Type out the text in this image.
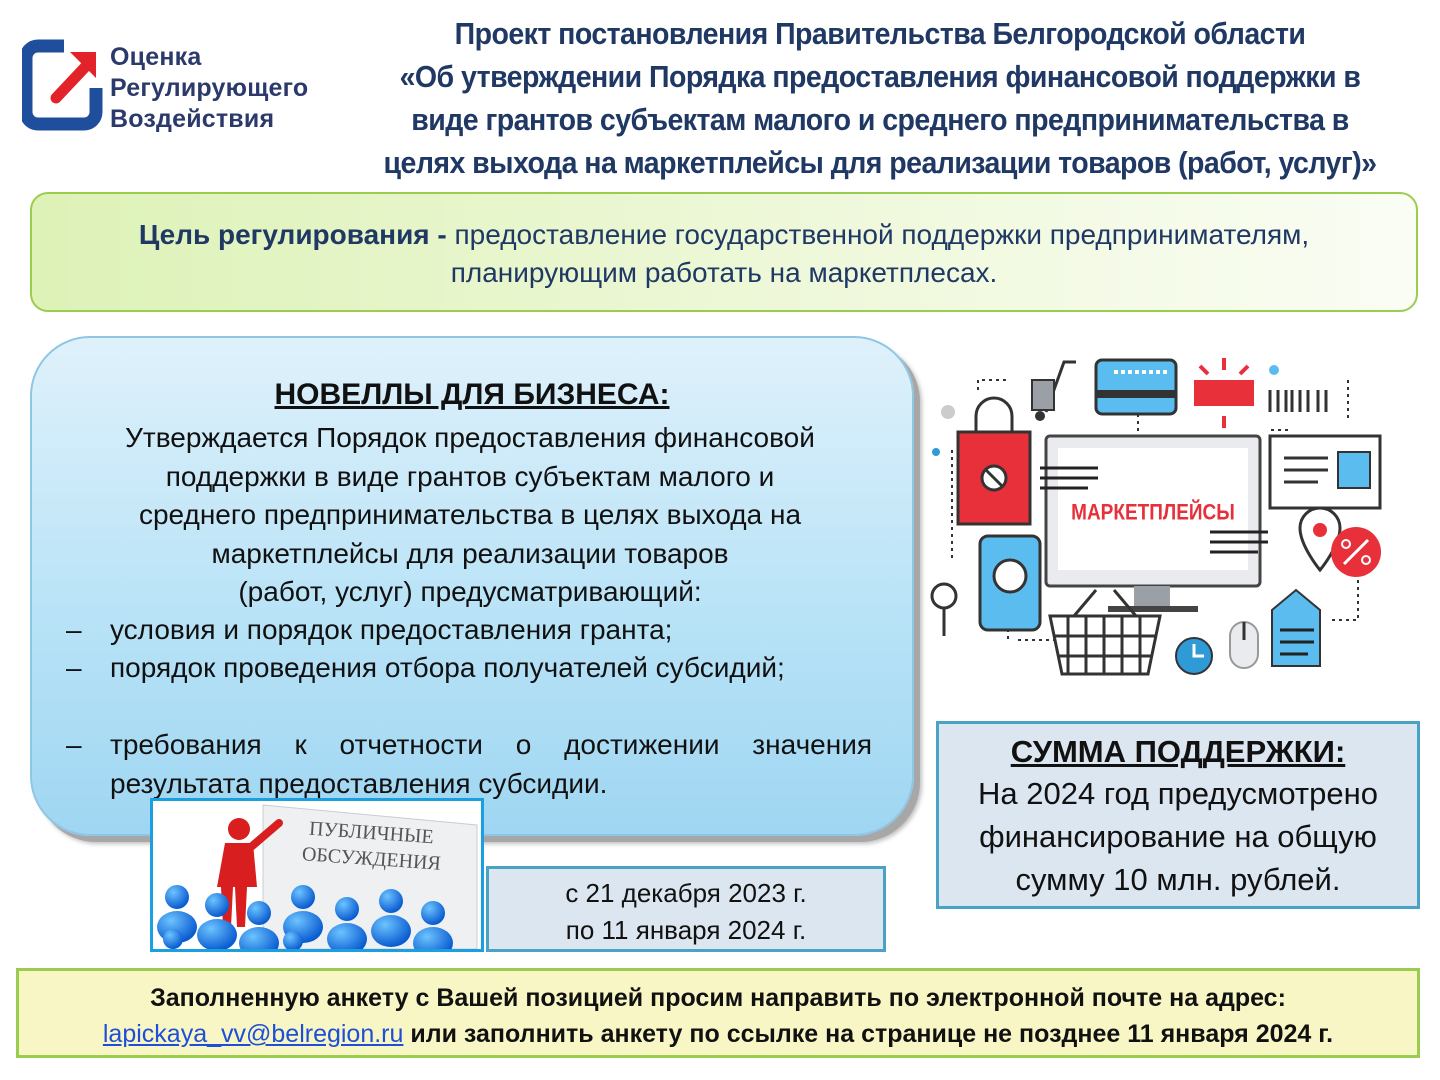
Оценка
Регулирующего
Воздействия
Проект постановления Правительства Белгородской области
«Об утверждении Порядка предоставления финансовой поддержки в
виде грантов субъектам малого и среднего предпринимательства в
целях выхода на маркетплейсы для реализации товаров (работ, услуг)»
Цель регулирования - предоставление государственной поддержки предпринимателям,
планирующим работать на маркетплесах.
НОВЕЛЛЫ ДЛЯ БИЗНЕСА:
Утверждается Порядок предоставления финансовой
поддержки в виде грантов субъектам малого и
среднего предпринимательства в целях выхода на
маркетплейсы для реализации товаров
(работ, услуг) предусматривающий:
–	условия и порядок предоставления гранта;
–	порядок проведения отбора получателей субсидий;
–	требования к отчетности о достижении значения результата предоставления субсидии.
ПУБЛИЧНЫЕ
ОБСУЖДЕНИЯ
с 21 декабря 2023 г.
по 11 января 2024 г.
МАРКЕТПЛЕЙСЫ
СУММА ПОДДЕРЖКИ:
На 2024 год предусмотрено
финансирование на общую
сумму 10 млн. рублей.
Заполненную анкету с Вашей позицией просим направить по электронной почте на адрес:
lapickaya_vv@belregion.ru или заполнить анкету по ссылке на странице не позднее 11 января 2024 г.
